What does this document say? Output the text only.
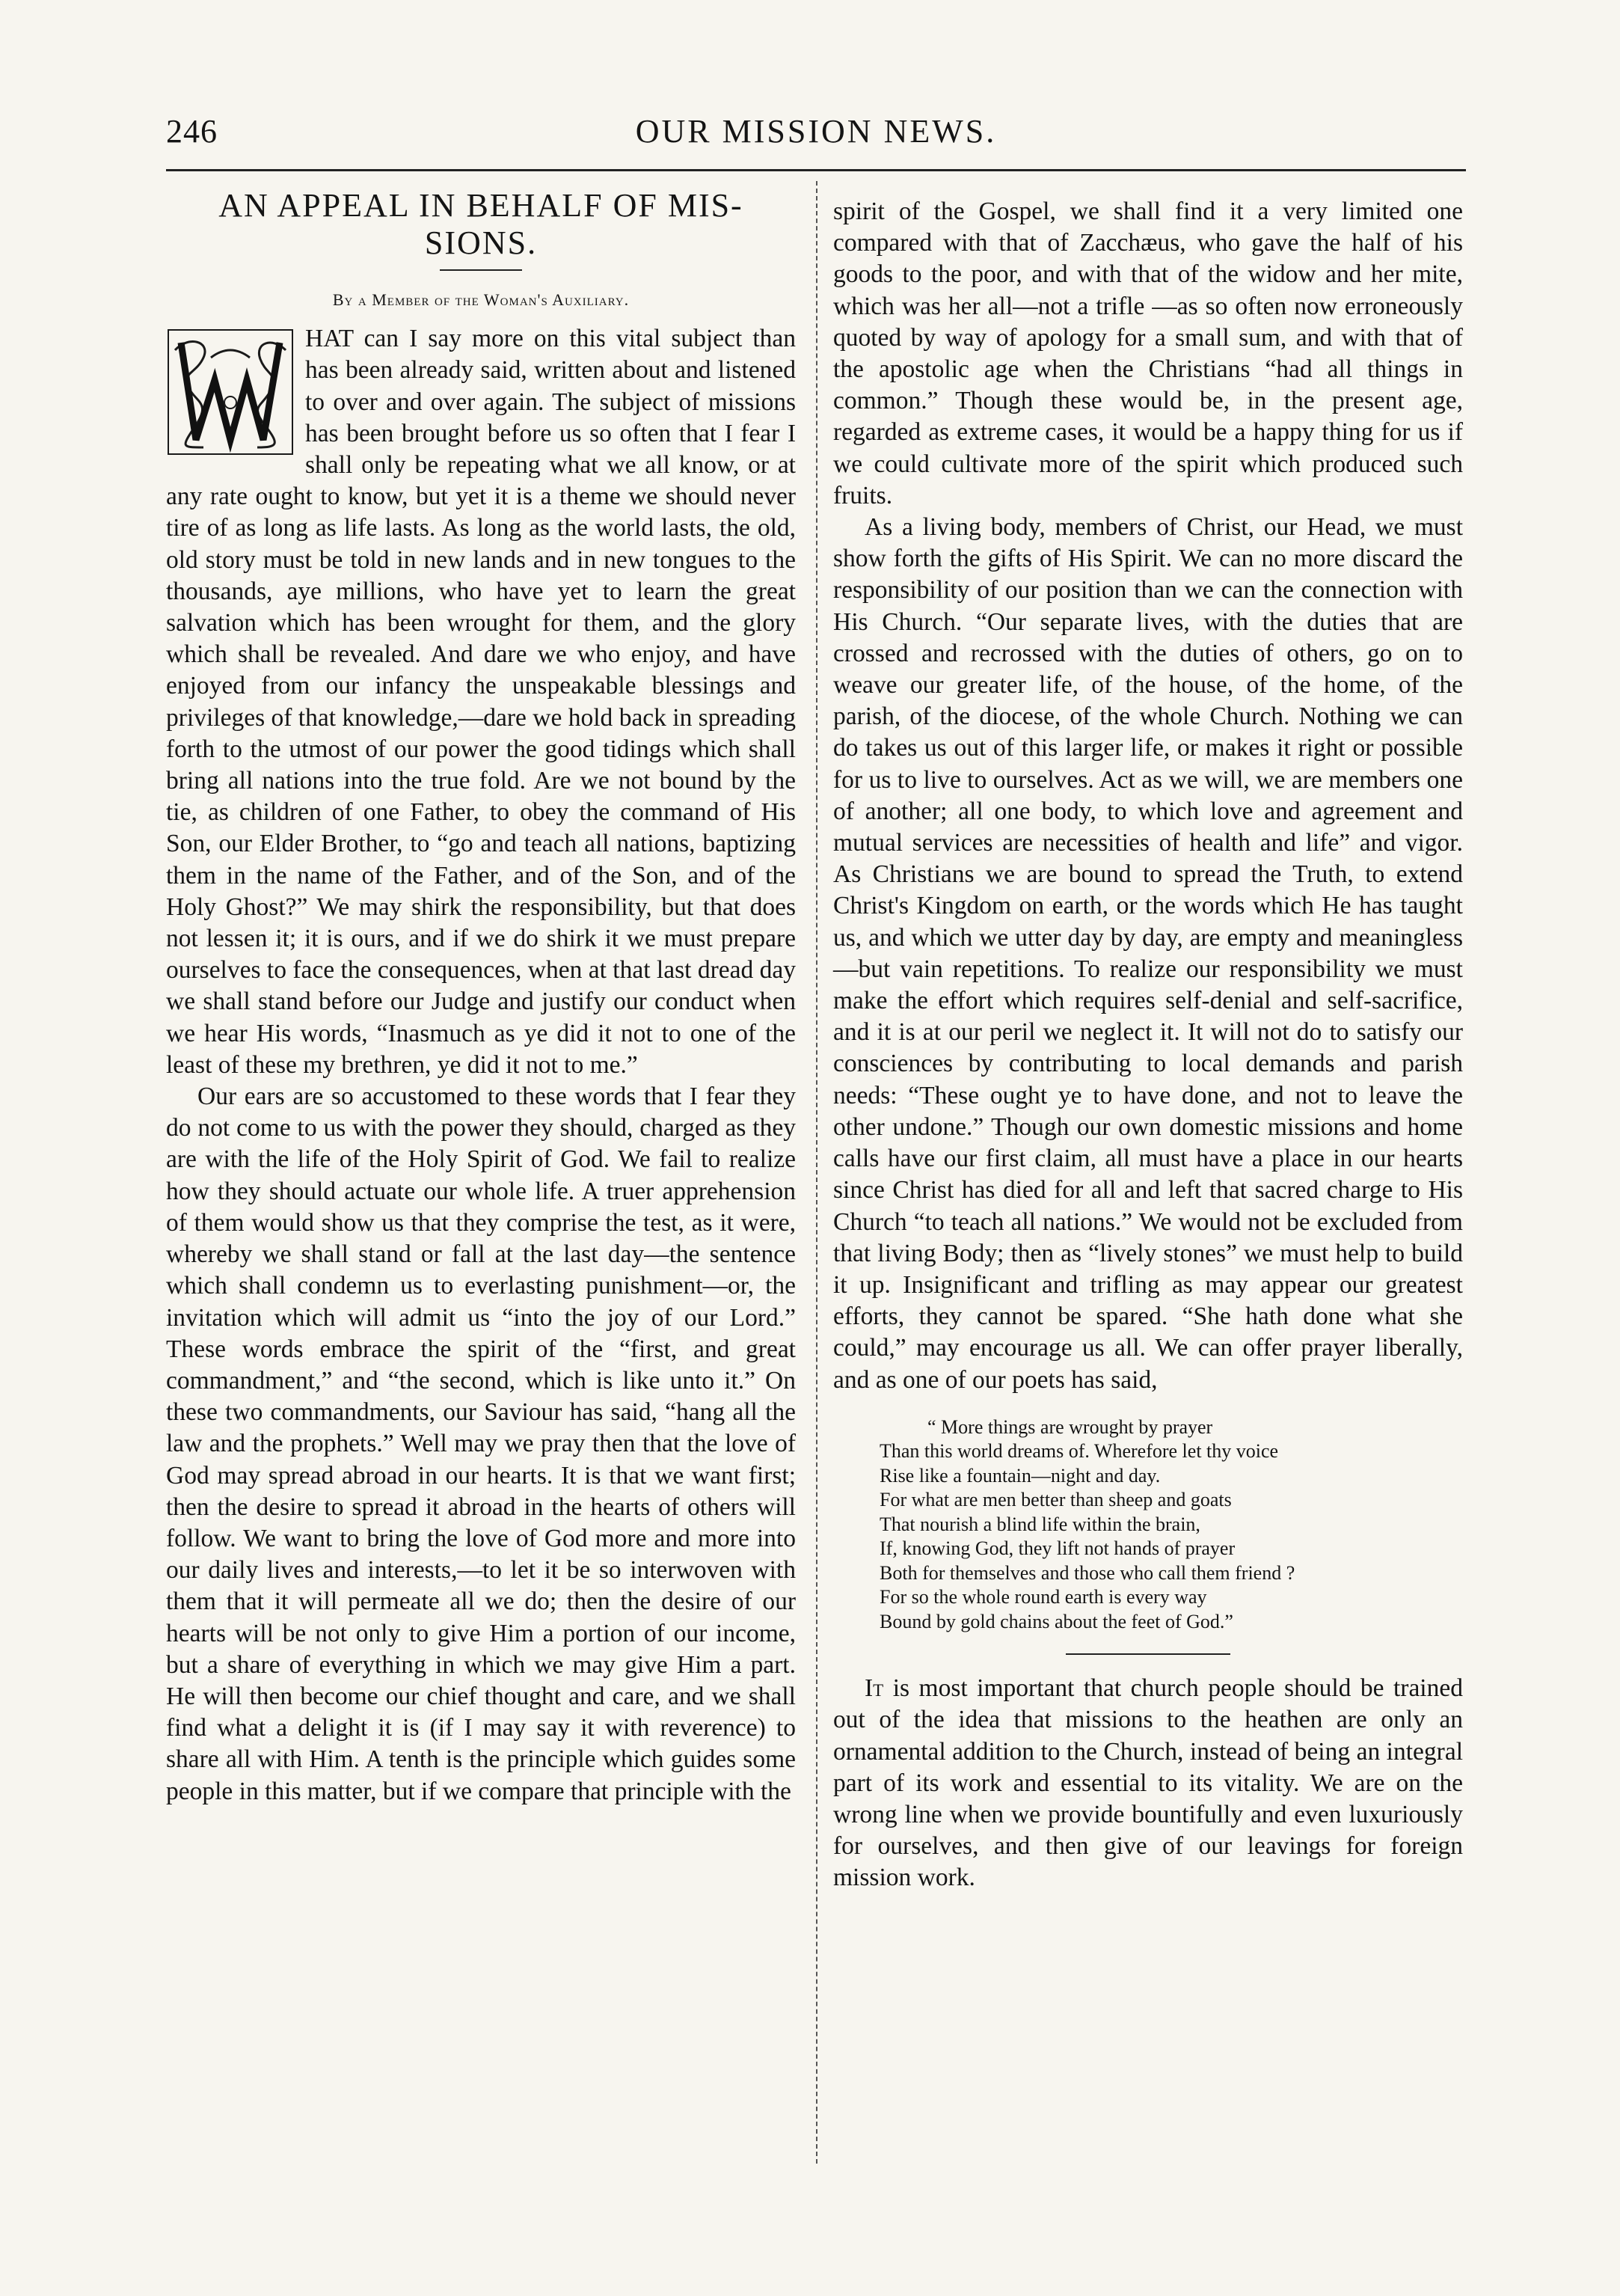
246	OUR MISSION NEWS.
AN APPEAL IN BEHALF OF MIS-
SIONS.
By a Member of the Woman's Auxiliary.
W

HAT can I say more on this vital subject than has been already said, written about and listened to over and over again. The subject of missions has been brought before us so often that I fear I shall only be repeating what we all know, or at any rate ought to know, but yet it is a theme we should never tire of as long as life lasts. As long as the world lasts, the old, old story must be told in new lands and in new tongues to the thousands, aye millions, who have yet to learn the great salvation which has been wrought for them, and the glory which shall be revealed. And dare we who enjoy, and have enjoyed from our infancy the unspeakable blessings and privileges of that knowledge,—dare we hold back in spreading forth to the utmost of our power the good tidings which shall bring all nations into the true fold. Are we not bound by the tie, as children of one Father, to obey the command of His Son, our Elder Brother, to “go and teach all nations, baptizing them in the name of the Father, and of the Son, and of the Holy Ghost?” We may shirk the responsibility, but that does not lessen it; it is ours, and if we do shirk it we must prepare ourselves to face the consequences, when at that last dread day we shall stand before our Judge and justify our conduct when we hear His words, “Inasmuch as ye did it not to one of the least of these my brethren, ye did it not to me.”

Our ears are so accustomed to these words that I fear they do not come to us with the power they should, charged as they are with the life of the Holy Spirit of God. We fail to realize how they should actuate our whole life. A truer apprehension of them would show us that they comprise the test, as it were, whereby we shall stand or fall at the last day—the sentence which shall condemn us to everlasting punishment—or, the invitation which will admit us “into the joy of our Lord.” These words embrace the spirit of the “first, and great commandment,” and “the second, which is like unto it.” On these two commandments, our Saviour has said, “hang all the law and the prophets.” Well may we pray then that the love of God may spread abroad in our hearts. It is that we want first; then the desire to spread it abroad in the hearts of others will follow. We want to bring the love of God more and more into our daily lives and interests,—to let it be so interwoven with them that it will permeate all we do; then the desire of our hearts will be not only to give Him a portion of our income, but a share of everything in which we may give Him a part. He will then become our chief thought and care, and we shall find what a delight it is (if I may say it with reverence) to share all with Him. A tenth is the principle which guides some people in this matter, but if we compare that principle with the

spirit of the Gospel, we shall find it a very limited one compared with that of Zacchæus, who gave the half of his goods to the poor, and with that of the widow and her mite, which was her all—not a trifle —as so often now erroneously quoted by way of apology for a small sum, and with that of the apostolic age when the Christians “had all things in common.” Though these would be, in the present age, regarded as extreme cases, it would be a happy thing for us if we could cultivate more of the spirit which produced such fruits.

As a living body, members of Christ, our Head, we must show forth the gifts of His Spirit. We can no more discard the responsibility of our position than we can the connection with His Church. “Our separate lives, with the duties that are crossed and recrossed with the duties of others, go on to weave our greater life, of the house, of the home, of the parish, of the diocese, of the whole Church. Nothing we can do takes us out of this larger life, or makes it right or possible for us to live to ourselves. Act as we will, we are members one of another; all one body, to which love and agreement and mutual services are necessities of health and life” and vigor. As Christians we are bound to spread the Truth, to extend Christ's Kingdom on earth, or the words which He has taught us, and which we utter day by day, are empty and meaningless—but vain repetitions. To realize our responsibility we must make the effort which requires self-denial and self-sacrifice, and it is at our peril we neglect it. It will not do to satisfy our consciences by contributing to local demands and parish needs: “These ought ye to have done, and not to leave the other undone.” Though our own domestic missions and home calls have our first claim, all must have a place in our hearts since Christ has died for all and left that sacred charge to His Church “to teach all nations.” We would not be excluded from that living Body; then as “lively stones” we must help to build it up. Insignificant and trifling as may appear our greatest efforts, they cannot be spared. “She hath done what she could,” may encourage us all. We can offer prayer liberally, and as one of our poets has said,

“ More things are wrought by prayer
Than this world dreams of. Wherefore let thy voice
Rise like a fountain—night and day.
For what are men better than sheep and goats
That nourish a blind life within the brain,
If, knowing God, they lift not hands of prayer
Both for themselves and those who call them friend ?
For so the whole round earth is every way
Bound by gold chains about the feet of God.”

It is most important that church people should be trained out of the idea that missions to the heathen are only an ornamental addition to the Church, instead of being an integral part of its work and essential to its vitality. We are on the wrong line when we provide bountifully and even luxuriously for ourselves, and then give of our leavings for foreign mission work.
